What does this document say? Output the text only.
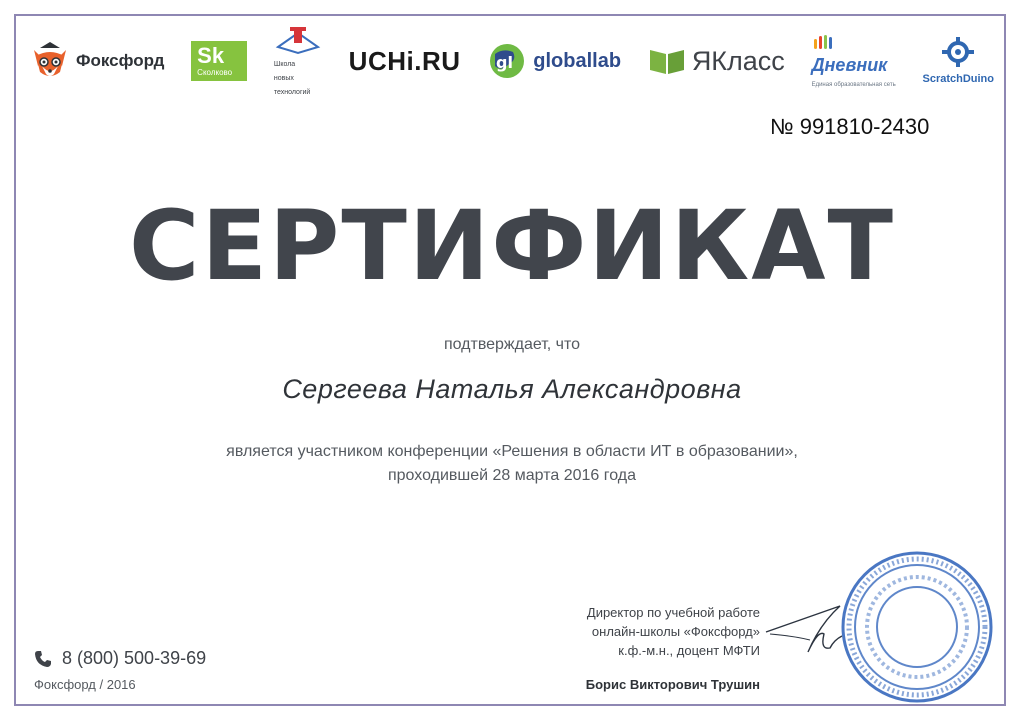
Фоксфорд Sk
Сколково
Школа
новых
технологий
UCHi.RU gl globallab	ЯКласс Дневник
Единая образовательная сеть ScratchDuino
№ 991810-2430
СЕРТИФИКАТ
подтверждает, что
Сергеева Наталья Александровна
является участником конференции «Решения в области ИТ в образовании»,
проходившей 28 марта 2016 года
8 (800) 500-39-69
Фоксфорд / 2016
Директор по учебной работе
онлайн-школы «Фоксфорд»
к.ф.-м.н., доцент МФТИ
Борис Викторович Трушин
